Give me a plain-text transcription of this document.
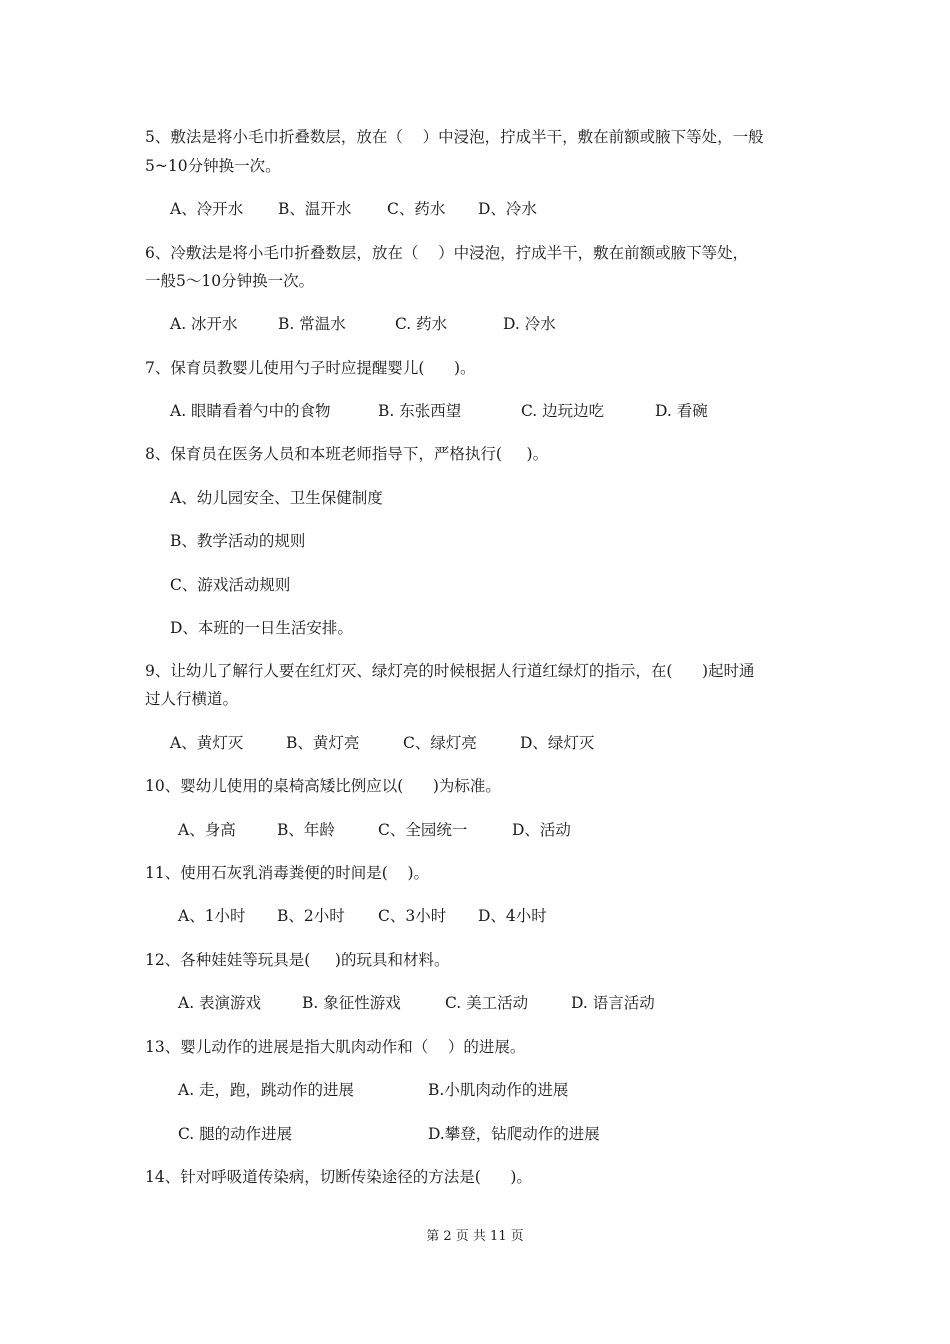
5、敷法是将小毛巾折叠数层，放在（    ）中浸泡，拧成半干，敷在前额或腋下等处，一般
5~10分钟换一次。
A、冷开水 B、温开水 C、药水 D、冷水
6、冷敷法是将小毛巾折叠数层，放在（    ）中浸泡，拧成半干，敷在前额或腋下等处，
一般5～10分钟换一次。
A. 冰开水	B. 常温水	C. 药水	D. 冷水
7、保育员教婴儿使用勺子时应提醒婴儿(      )。
A. 眼睛看着勺中的食物	B. 东张西望	C. 边玩边吃	D. 看碗
8、保育员在医务人员和本班老师指导下，严格执行(     )。
A、幼儿园安全、卫生保健制度
B、教学活动的规则
C、游戏活动规则
D、本班的一日生活安排。
9、让幼儿了解行人要在红灯灭、绿灯亮的时候根据人行道红绿灯的指示，在(      )起时通
过人行横道。
A、黄灯灭	B、黄灯亮	C、绿灯亮	D、绿灯灭
10、婴幼儿使用的桌椅高矮比例应以(      )为标准。
A、身高	B、年龄	C、全园统一	D、活动
11、使用石灰乳消毒粪便的时间是(    )。
A、1小时 B、2小时 C、3小时 D、4小时
12、各种娃娃等玩具是(     )的玩具和材料。
A. 表演游戏	B. 象征性游戏	C. 美工活动	D. 语言活动
13、婴儿动作的进展是指大肌肉动作和（    ）的进展。
A. 走，跑，跳动作的进展	B.小肌肉动作的进展
C. 腿的动作进展	D.攀登，钻爬动作的进展
14、针对呼吸道传染病，切断传染途径的方法是(      )。
第 2 页 共 11 页
